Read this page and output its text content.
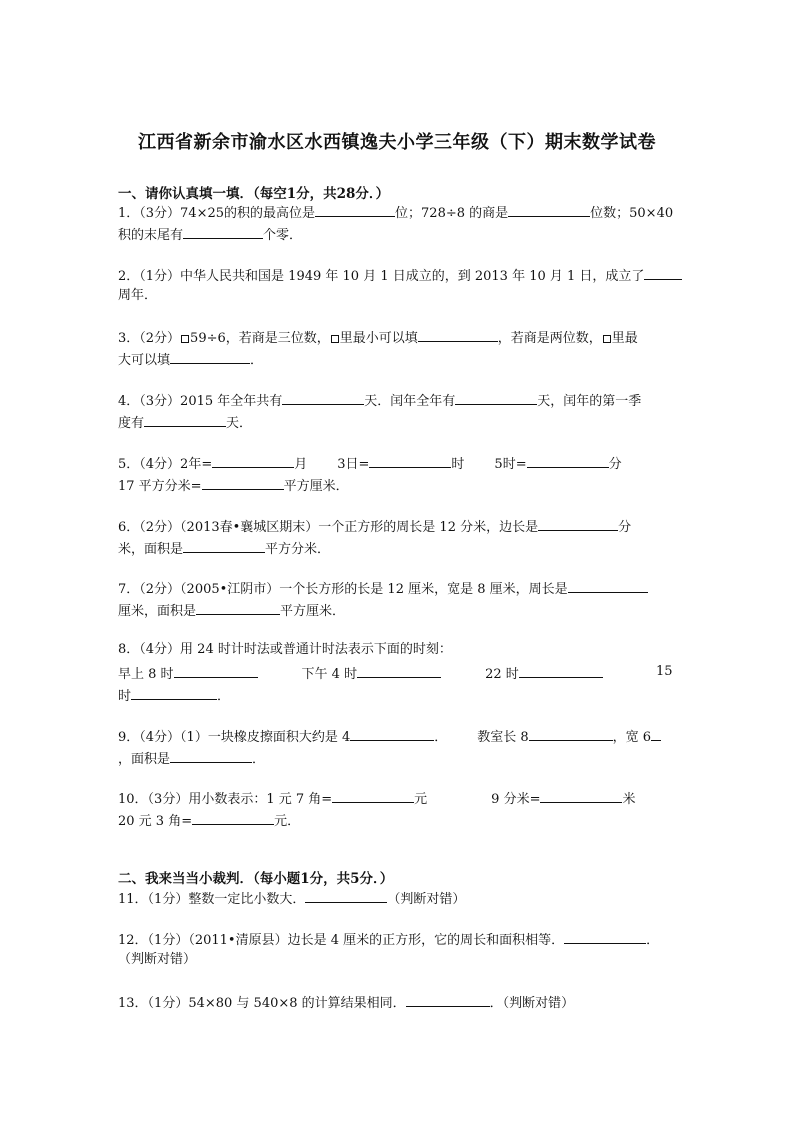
江西省新余市渝水区水西镇逸夫小学三年级（下）期末数学试卷
一、请你认真填一填．（每空1分，共28分．）
1．（3分）74×25的积的最高位是	位；728÷8 的商是	位数；50×40
积的末尾有	个零．
2．（1分）中华人民共和国是 1949 年 10 月 1 日成立的，到 2013 年 10 月 1 日，成立了
周年．
3．（2分） 59÷6，若商是三位数， 里最小可以填	，若商是两位数， 里最
大可以填	．
4．（3分）2015 年全年共有	天．闰年全年有	天，闰年的第一季
度有	天．
5．（4分）2年=	月 3日=	时 5时=	分
17 平方分米=	平方厘米．
6．（2分）（2013春•襄城区期末）一个正方形的周长是 12 分米，边长是	分
米，面积是	平方分米．
7．（2分）（2005•江阴市）一个长方形的长是 12 厘米，宽是 8 厘米，周长是
厘米，面积是	平方厘米．
8．（4分）用 24 时计时法或普通计时法表示下面的时刻：
早上 8 时	下午 4 时	22 时	15
时	．
9．（4分）（1）一块橡皮擦面积大约是 4	． 教室长 8	，宽 6
，面积是	．
10．（3分）用小数表示：1 元 7 角=	元	9 分米=	米
20 元 3 角=	元．
二、我来当当小裁判．（每小题1分，共5分．）
11．（1分）整数一定比小数大．	（判断对错）
12．（1分）（2011•清原县）边长是 4 厘米的正方形，它的周长和面积相等．	．
（判断对错）
13．（1分）54×80 与 540×8 的计算结果相同．	．（判断对错）
